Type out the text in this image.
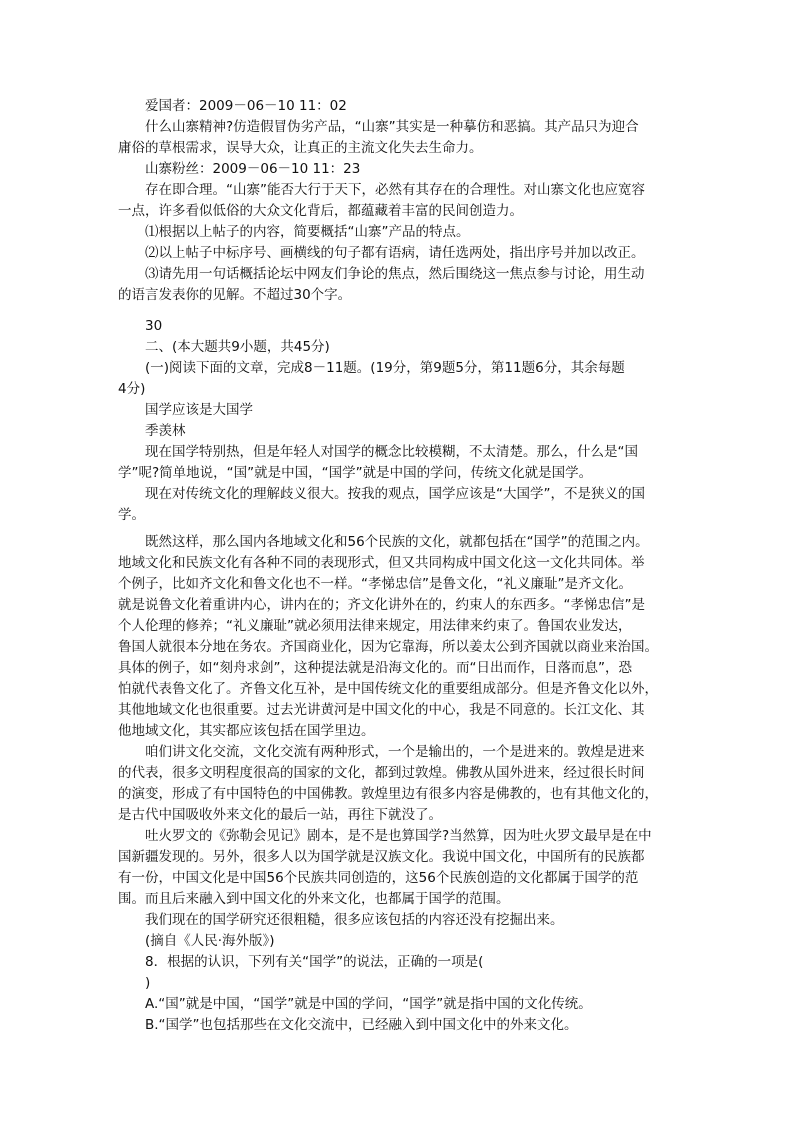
爱国者：2009－06－10 11：02
什么山寨精神?仿造假冒伪劣产品，“山寨”其实是一种摹仿和恶搞。其产品只为迎合
庸俗的草根需求，误导大众，让真正的主流文化失去生命力。
山寨粉丝：2009－06－10 11：23
存在即合理。“山寨”能否大行于天下，必然有其存在的合理性。对山寨文化也应宽容
一点，许多看似低俗的大众文化背后，都蕴藏着丰富的民间创造力。
⑴根据以上帖子的内容，简要概括“山寨”产品的特点。
⑵以上帖子中标序号、画横线的句子都有语病，请任选两处，指出序号并加以改正。
⑶请先用一句话概括论坛中网友们争论的焦点，然后围绕这一焦点参与讨论，用生动
的语言发表你的见解。不超过30个字。
30
二、(本大题共9小题，共45分)
(一)阅读下面的文章，完成8－11题。(19分，第9题5分，第11题6分，其余每题
4分)
国学应该是大国学
季羡林
现在国学特别热，但是年轻人对国学的概念比较模糊，不太清楚。那么，什么是“国
学”呢?简单地说，“国”就是中国，“国学”就是中国的学问，传统文化就是国学。
现在对传统文化的理解歧义很大。按我的观点，国学应该是“大国学”，不是狭义的国
学。
既然这样，那么国内各地域文化和56个民族的文化，就都包括在“国学”的范围之内。
地域文化和民族文化有各种不同的表现形式，但又共同构成中国文化这一文化共同体。举
个例子，比如齐文化和鲁文化也不一样。“孝悌忠信”是鲁文化，“礼义廉耻”是齐文化。
就是说鲁文化着重讲内心，讲内在的；齐文化讲外在的，约束人的东西多。“孝悌忠信”是
个人伦理的修养；“礼义廉耻”就必须用法律来规定，用法律来约束了。鲁国农业发达，
鲁国人就很本分地在务农。齐国商业化，因为它靠海，所以姜太公到齐国就以商业来治国。
具体的例子，如“刻舟求剑”，这种提法就是沿海文化的。而“日出而作，日落而息”，恐
怕就代表鲁文化了。齐鲁文化互补，是中国传统文化的重要组成部分。但是齐鲁文化以外，
其他地域文化也很重要。过去光讲黄河是中国文化的中心，我是不同意的。长江文化、其
他地域文化，其实都应该包括在国学里边。
咱们讲文化交流，文化交流有两种形式，一个是输出的，一个是进来的。敦煌是进来
的代表，很多文明程度很高的国家的文化，都到过敦煌。佛教从国外进来，经过很长时间
的演变，形成了有中国特色的中国佛教。敦煌里边有很多内容是佛教的，也有其他文化的，
是古代中国吸收外来文化的最后一站，再往下就没了。
吐火罗文的《弥勒会见记》剧本，是不是也算国学?当然算，因为吐火罗文最早是在中
国新疆发现的。另外，很多人以为国学就是汉族文化。我说中国文化，中国所有的民族都
有一份，中国文化是中国56个民族共同创造的，这56个民族创造的文化都属于国学的范
围。而且后来融入到中国文化的外来文化，也都属于国学的范围。
我们现在的国学研究还很粗糙，很多应该包括的内容还没有挖掘出来。
(摘自《人民·海外版》)
8．根据的认识，下列有关“国学”的说法，正确的一项是(
)
A.“国”就是中国，“国学”就是中国的学问，“国学”就是指中国的文化传统。
B.“国学”也包括那些在文化交流中，已经融入到中国文化中的外来文化。
